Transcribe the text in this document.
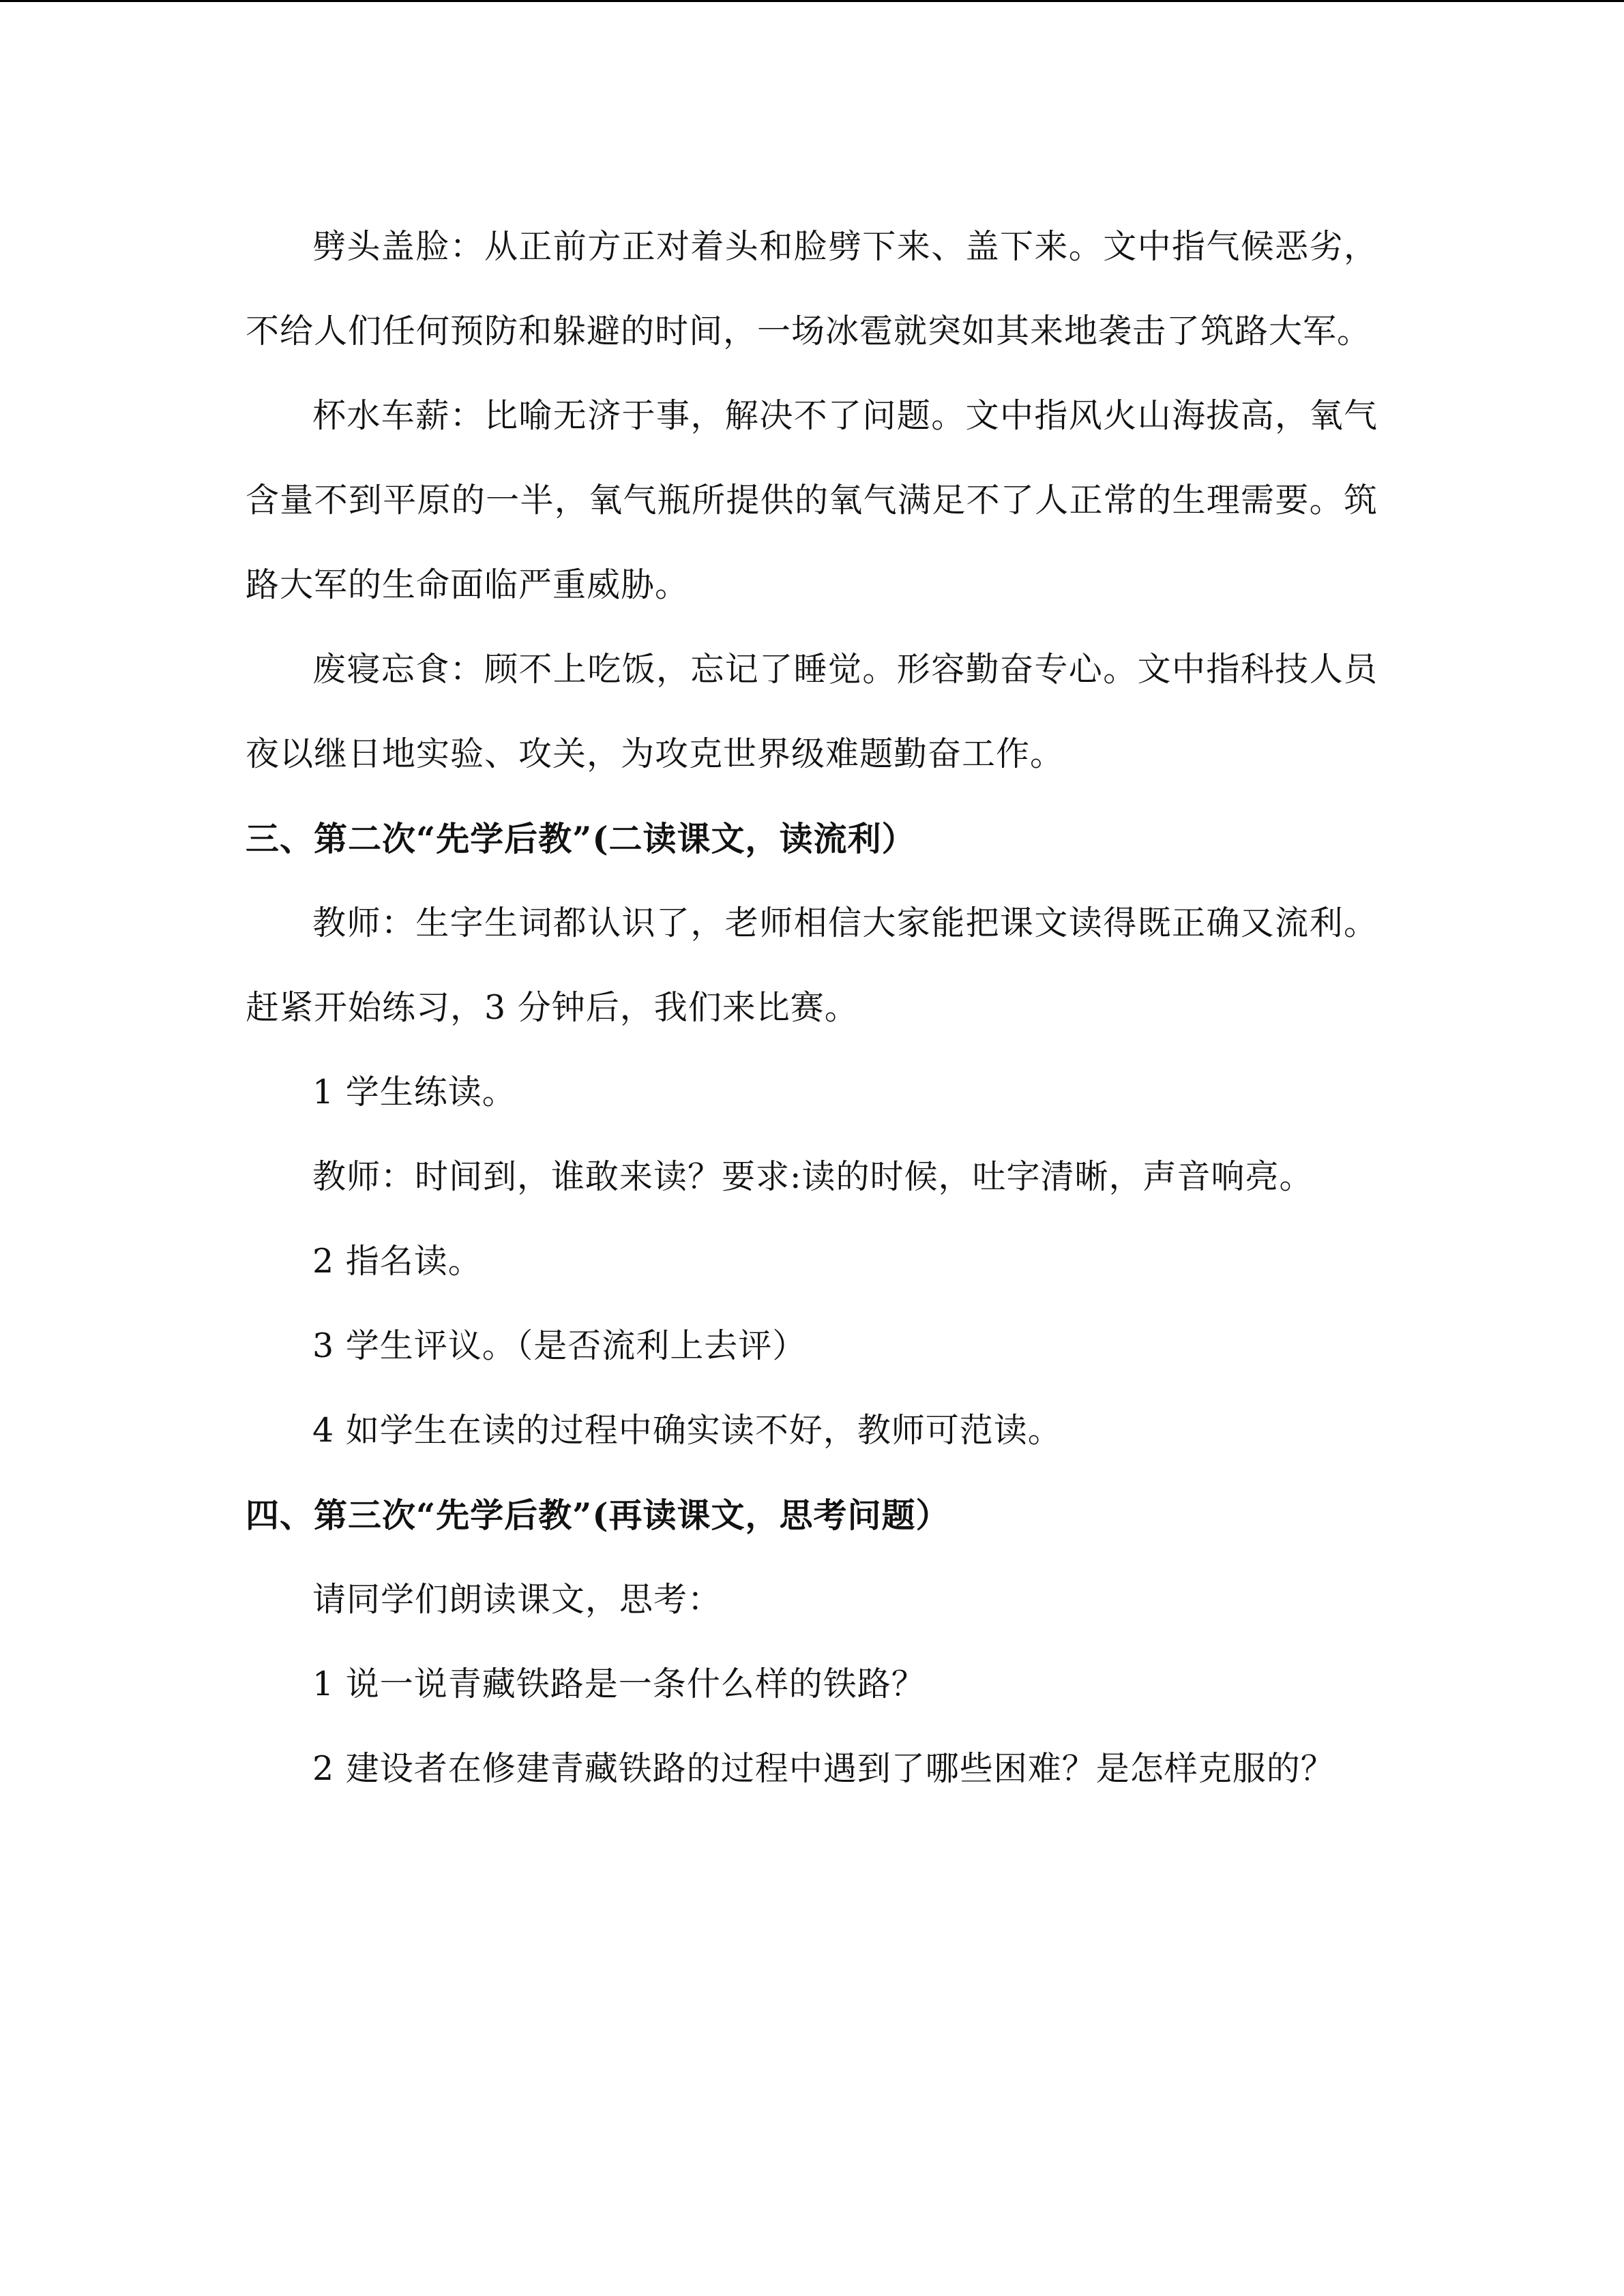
劈头盖脸：从正前方正对着头和脸劈下来、盖下来。文中指气候恶劣，不给人们任何预防和躲避的时间，一场冰雹就突如其来地袭击了筑路大军。

杯水车薪：比喻无济于事，解决不了问题。文中指风火山海拔高，氧气含量不到平原的一半，氧气瓶所提供的氧气满足不了人正常的生理需要。筑路大军的生命面临严重威胁。

废寝忘食：顾不上吃饭，忘记了睡觉。形容勤奋专心。文中指科技人员夜以继日地实验、攻关，为攻克世界级难题勤奋工作。

三、第二次“先学后教”(二读课文，读流利）

教师：生字生词都认识了，老师相信大家能把课文读得既正确又流利。赶紧开始练习，3 分钟后，我们来比赛。

1 学生练读。

教师：时间到，谁敢来读？要求:读的时候，吐字清晰，声音响亮。

2 指名读。

3 学生评议。（是否流利上去评）

4 如学生在读的过程中确实读不好，教师可范读。

四、第三次“先学后教”(再读课文，思考问题）

请同学们朗读课文，思考：

1 说一说青藏铁路是一条什么样的铁路？

2 建设者在修建青藏铁路的过程中遇到了哪些困难？是怎样克服的？
